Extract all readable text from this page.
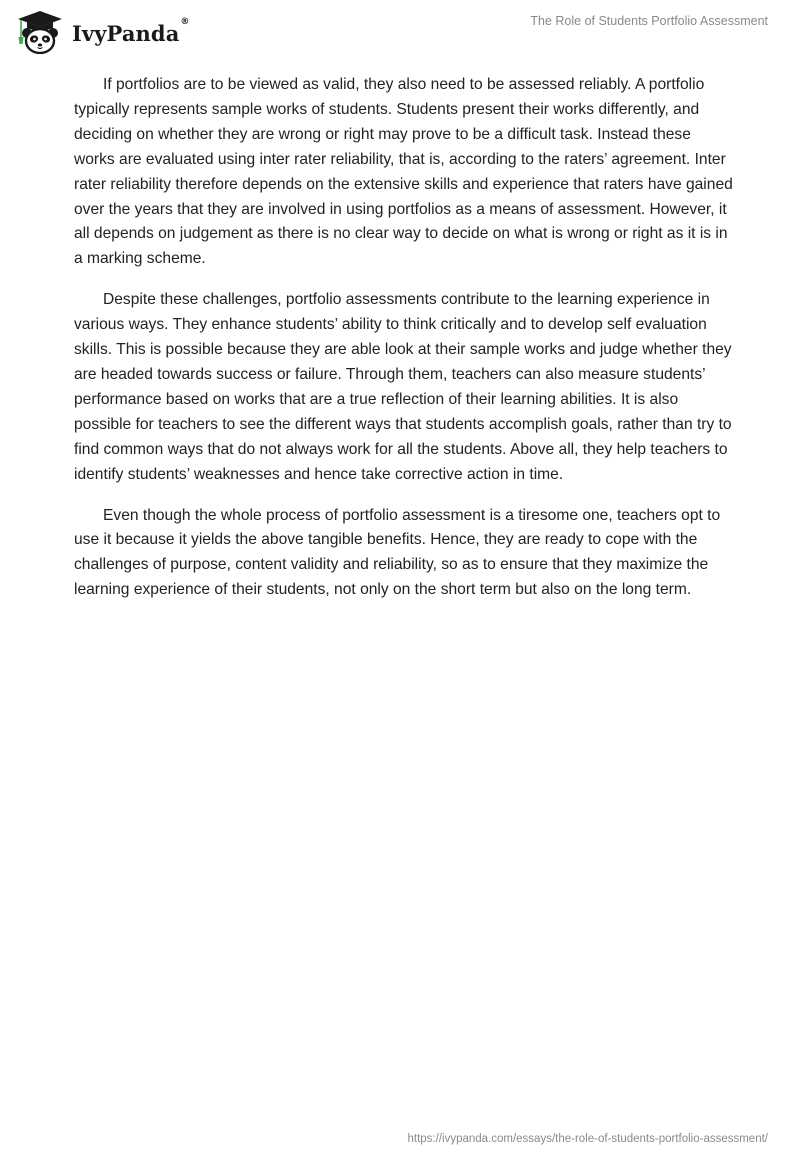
IvyPanda ®	The Role of Students Portfolio Assessment

If portfolios are to be viewed as valid, they also need to be assessed reliably. A portfolio typically represents sample works of students. Students present their works differently, and deciding on whether they are wrong or right may prove to be a difficult task. Instead these works are evaluated using inter rater reliability, that is, according to the raters’ agreement. Inter rater reliability therefore depends on the extensive skills and experience that raters have gained over the years that they are involved in using portfolios as a means of assessment. However, it all depends on judgement as there is no clear way to decide on what is wrong or right as it is in a marking scheme.

Despite these challenges, portfolio assessments contribute to the learning experience in various ways. They enhance students’ ability to think critically and to develop self evaluation skills. This is possible because they are able look at their sample works and judge whether they are headed towards success or failure. Through them, teachers can also measure students’ performance based on works that are a true reflection of their learning abilities. It is also possible for teachers to see the different ways that students accomplish goals, rather than try to find common ways that do not always work for all the students. Above all, they help teachers to identify students’ weaknesses and hence take corrective action in time.

Even though the whole process of portfolio assessment is a tiresome one, teachers opt to use it because it yields the above tangible benefits. Hence, they are ready to cope with the challenges of purpose, content validity and reliability, so as to ensure that they maximize the learning experience of their students, not only on the short term but also on the long term.

https://ivypanda.com/essays/the-role-of-students-portfolio-assessment/
